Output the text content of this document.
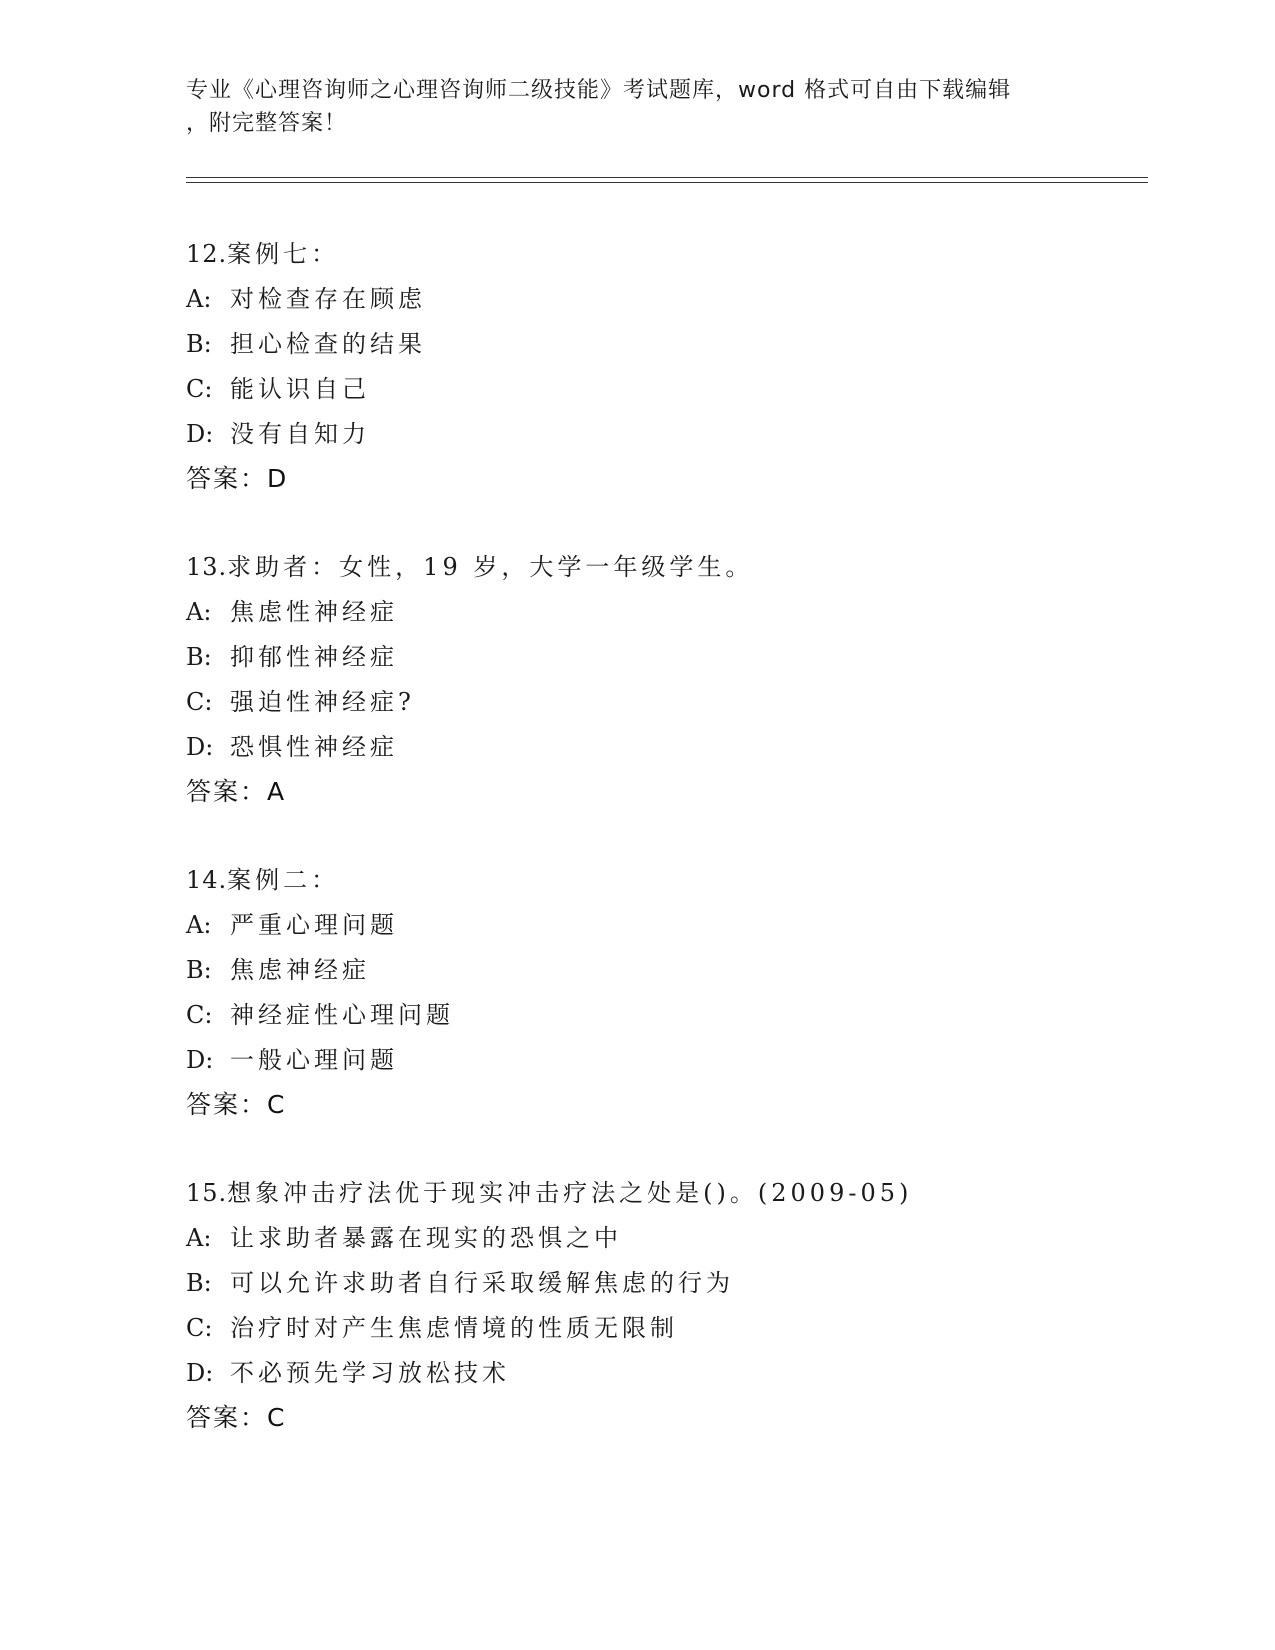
专业《心理咨询师之心理咨询师二级技能》考试题库，word 格式可自由下载编辑
，附完整答案！
12.案例七：
A: 对检查存在顾虑
B: 担心检查的结果
C: 能认识自己
D: 没有自知力
答案：D
13.求助者：女性，19 岁，大学一年级学生。
A: 焦虑性神经症
B: 抑郁性神经症
C: 强迫性神经症?
D: 恐惧性神经症
答案：A
14.案例二：
A: 严重心理问题
B: 焦虑神经症
C: 神经症性心理问题
D: 一般心理问题
答案：C
15.想象冲击疗法优于现实冲击疗法之处是()。(2009-05)
A: 让求助者暴露在现实的恐惧之中
B: 可以允许求助者自行采取缓解焦虑的行为
C: 治疗时对产生焦虑情境的性质无限制
D: 不必预先学习放松技术
答案：C
